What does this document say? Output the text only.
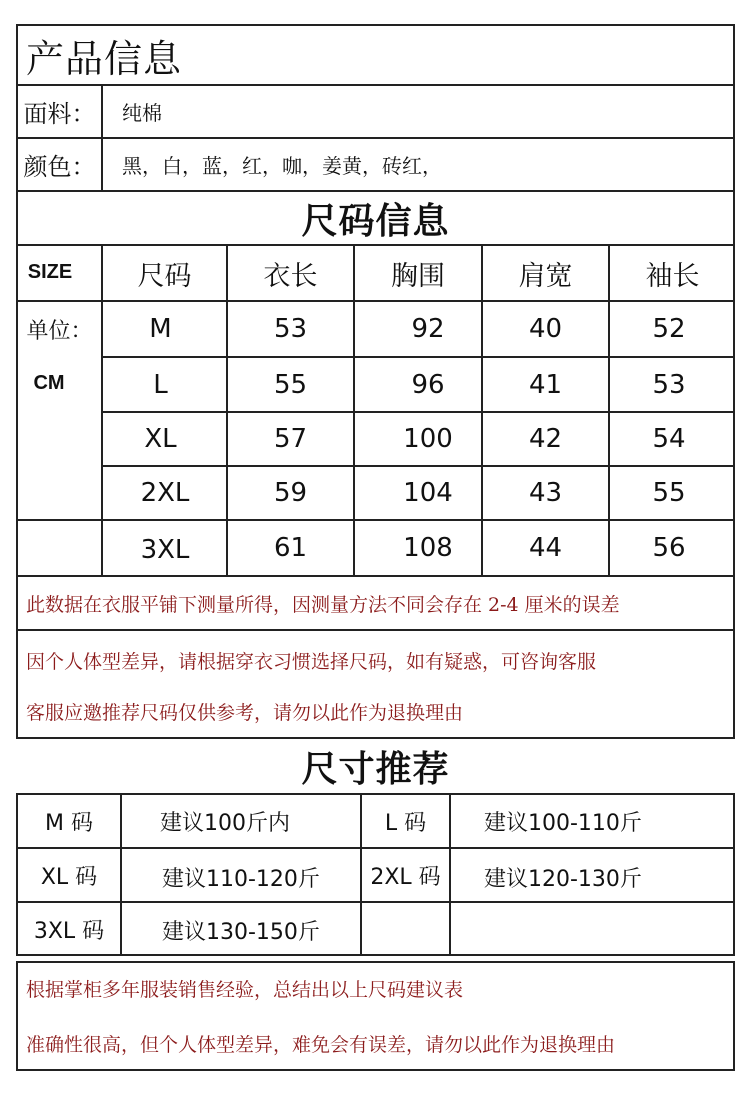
产品信息
面料： 纯棉
颜色： 黑，白，蓝，红，咖，姜黄，砖红，
尺码信息
SIZE	尺码	衣长	胸围	肩宽	袖长
单位：
CM
M	53	92	40	52
L	55	96	41	53
XL	57	100	42	54
2XL	59	104	43	55
3XL	61	108	44	56
此数据在衣服平铺下测量所得，因测量方法不同会存在 2-4 厘米的误差
因个人体型差异，请根据穿衣习惯选择尺码，如有疑惑，可咨询客服
客服应邀推荐尺码仅供参考，请勿以此作为退换理由
尺寸推荐
M 码	建议100斤内	L 码	建议100-110斤
XL 码	建议110-120斤	2XL 码	建议120-130斤
3XL 码	建议130-150斤
根据掌柜多年服装销售经验，总结出以上尺码建议表
准确性很高，但个人体型差异，难免会有误差，请勿以此作为退换理由
